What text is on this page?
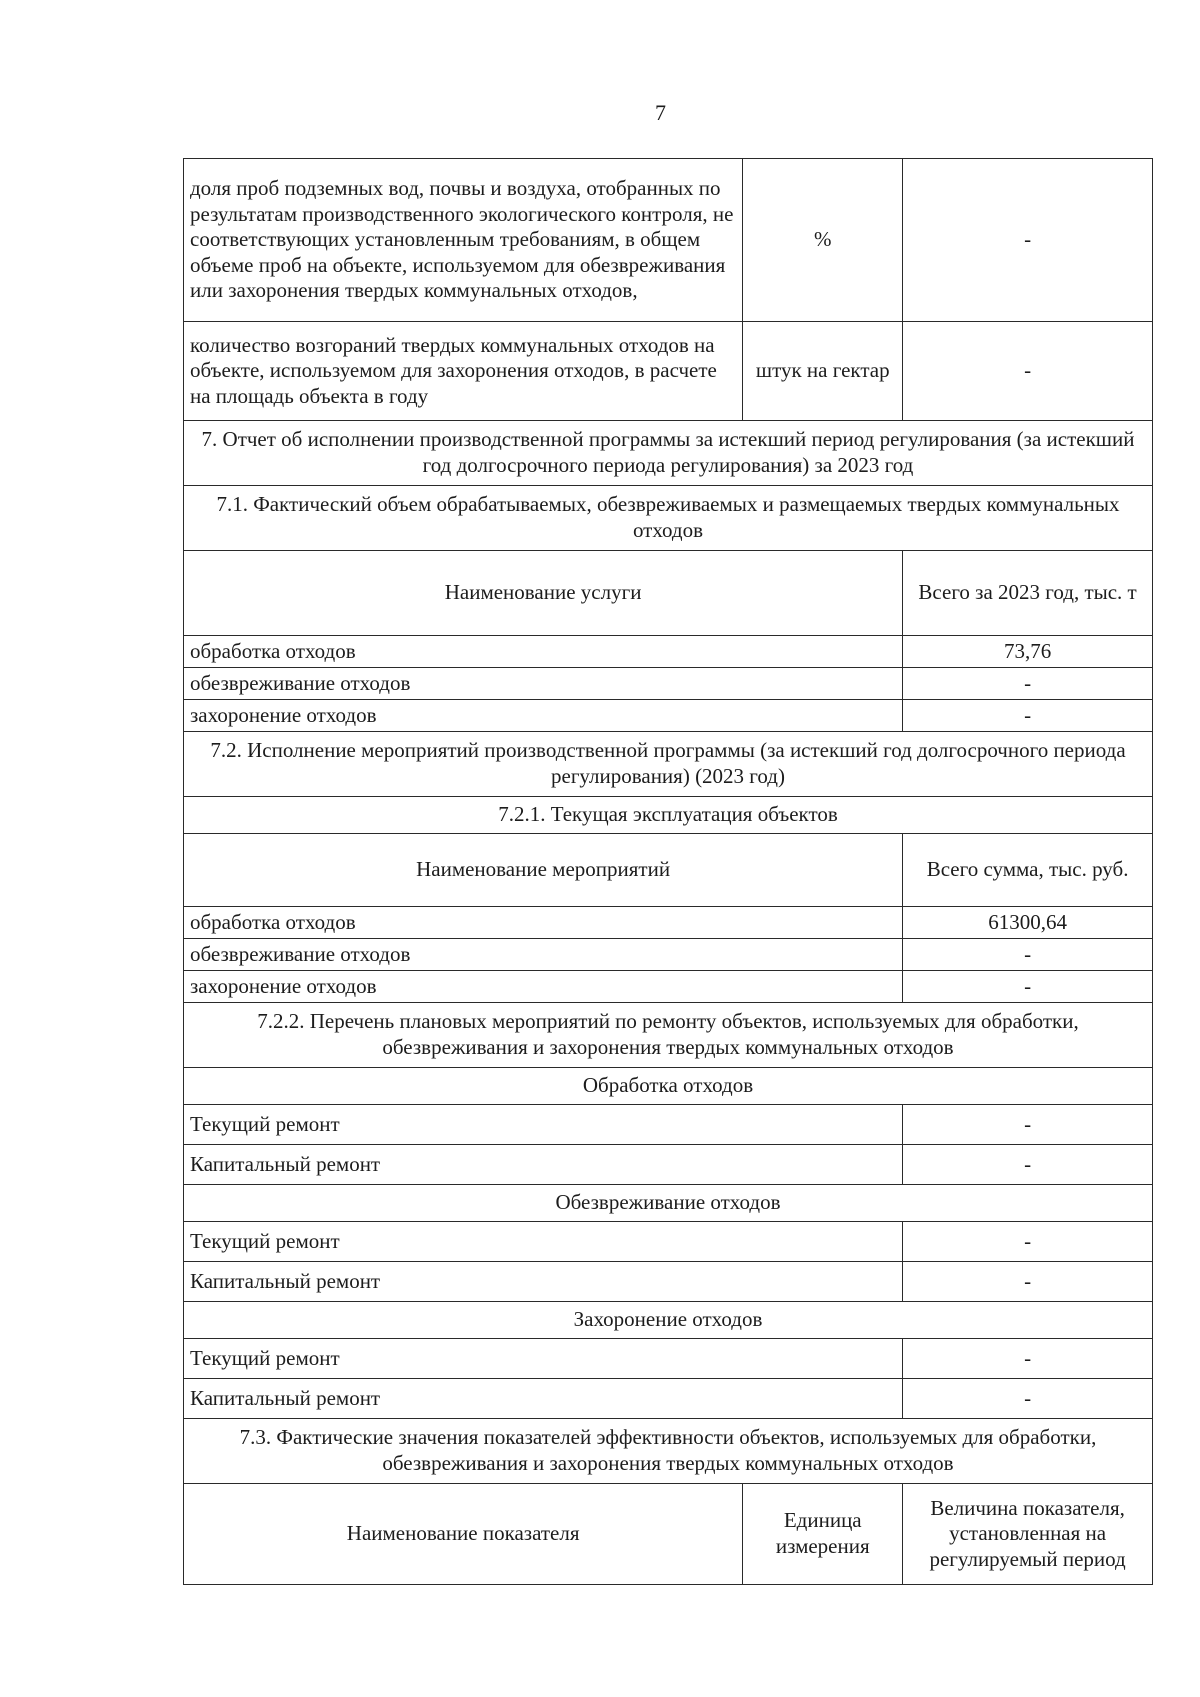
7
доля проб подземных вод, почвы и воздуха, отобранных по результатам производственного экологического контроля, не соответствующих установленным требованиям, в общем объеме проб на объекте, используемом для обезвреживания или захоронения твердых коммунальных отходов,	%	-
количество возгораний твердых коммунальных отходов на объекте, используемом для захоронения отходов, в расчете на площадь объекта в году	штук на гектар	-
7. Отчет об исполнении производственной программы за истекший период регулирования (за истекший год долгосрочного периода регулирования) за 2023 год		
7.1. Фактический объем обрабатываемых, обезвреживаемых и размещаемых твердых коммунальных отходов		
Наименование услуги		Всего за 2023 год, тыс. т
обработка отходов		73,76
обезвреживание отходов		-
захоронение отходов		-
7.2. Исполнение мероприятий производственной программы (за истекший год долгосрочного периода регулирования) (2023 год)		
7.2.1. Текущая эксплуатация объектов		
Наименование мероприятий		Всего сумма, тыс. руб.
обработка отходов		61300,64
обезвреживание отходов		-
захоронение отходов		-
7.2.2. Перечень плановых мероприятий по ремонту объектов, используемых для обработки, обезвреживания и захоронения твердых коммунальных отходов		
Обработка отходов		
Текущий ремонт		-
Капитальный ремонт		-
Обезвреживание отходов		
Текущий ремонт		-
Капитальный ремонт		-
Захоронение отходов		
Текущий ремонт		-
Капитальный ремонт		-
7.3. Фактические значения показателей эффективности объектов, используемых для обработки, обезвреживания и захоронения твердых коммунальных отходов		
Наименование показателя	Единица измерения	Величина показателя, установленная на регулируемый период
